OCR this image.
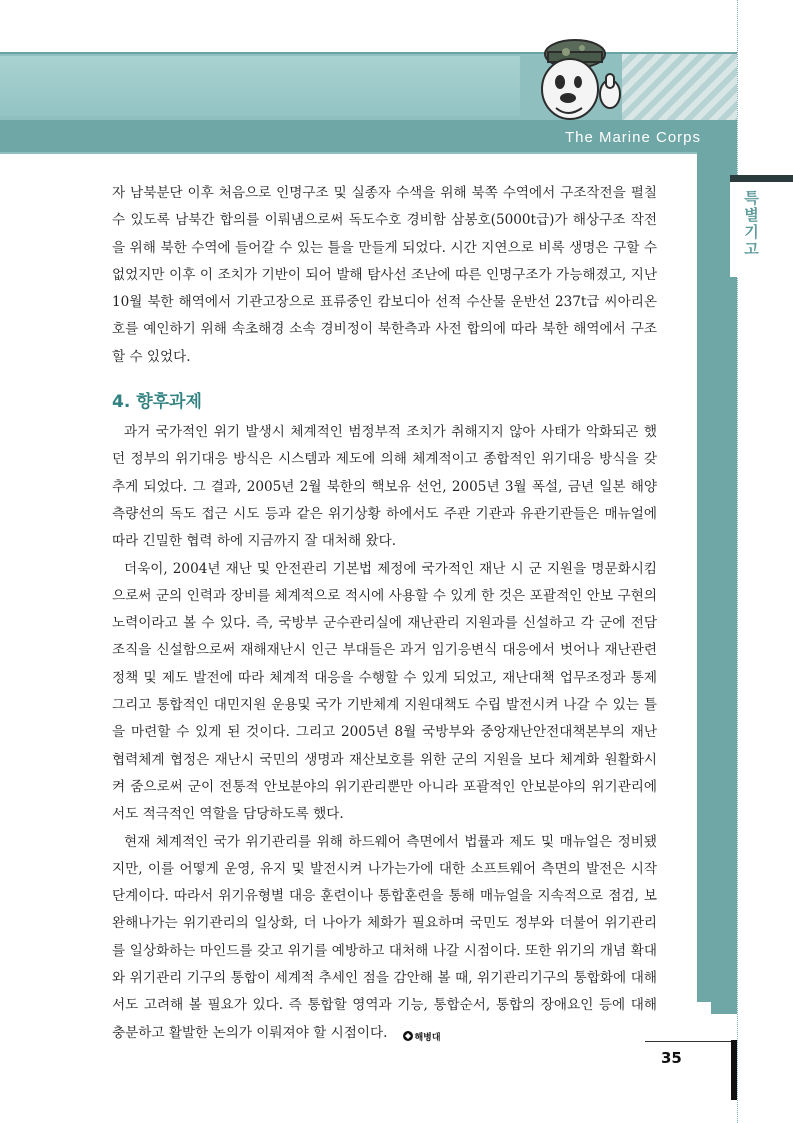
The Marine Corps
특별기고

자 남북분단 이후 처음으로 인명구조 및 실종자 수색을 위해 북쪽 수역에서 구조작전을 펼칠 수 있도록 남북간 합의를 이뤄냄으로써 독도수호 경비함 삼봉호(5000t급)가 해상구조 작전을 위해 북한 수역에 들어갈 수 있는 틀을 만들게 되었다. 시간 지연으로 비록 생명은 구할 수 없었지만 이후 이 조치가 기반이 되어 발해 탐사선 조난에 따른 인명구조가 가능해졌고, 지난 10월 북한 해역에서 기관고장으로 표류중인 캄보디아 선적 수산물 운반선 237t급 씨아리온호를 예인하기 위해 속초해경 소속 경비정이 북한측과 사전 합의에 따라 북한 해역에서 구조할 수 있었다.

4. 향후과제

과거 국가적인 위기 발생시 체계적인 범정부적 조치가 취해지지 않아 사태가 악화되곤 했던 정부의 위기대응 방식은 시스템과 제도에 의해 체계적이고 종합적인 위기대응 방식을 갖추게 되었다. 그 결과, 2005년 2월 북한의 핵보유 선언, 2005년 3월 폭설, 금년 일본 해양측량선의 독도 접근 시도 등과 같은 위기상황 하에서도 주관 기관과 유관기관들은 매뉴얼에 따라 긴밀한 협력 하에 지금까지 잘 대처해 왔다.

더욱이, 2004년 재난 및 안전관리 기본법 제정에 국가적인 재난 시 군 지원을 명문화시킴으로써 군의 인력과 장비를 체계적으로 적시에 사용할 수 있게 한 것은 포괄적인 안보 구현의 노력이라고 볼 수 있다. 즉, 국방부 군수관리실에 재난관리 지원과를 신설하고 각 군에 전담조직을 신설함으로써 재해재난시 인근 부대들은 과거 임기응변식 대응에서 벗어나 재난관련 정책 및 제도 발전에 따라 체계적 대응을 수행할 수 있게 되었고, 재난대책 업무조정과 통제 그리고 통합적인 대민지원 운용및 국가 기반체계 지원대책도 수립 발전시켜 나갈 수 있는 틀을 마련할 수 있게 된 것이다. 그리고 2005년 8월 국방부와 중앙재난안전대책본부의 재난 협력체계 협정은 재난시 국민의 생명과 재산보호를 위한 군의 지원을 보다 체계화 원활화시켜 줌으로써 군이 전통적 안보분야의 위기관리뿐만 아니라 포괄적인 안보분야의 위기관리에서도 적극적인 역할을 담당하도록 했다.

현재 체계적인 국가 위기관리를 위해 하드웨어 측면에서 법률과 제도 및 매뉴얼은 정비됐지만, 이를 어떻게 운영, 유지 및 발전시켜 나가는가에 대한 소프트웨어 측면의 발전은 시작 단계이다. 따라서 위기유형별 대응 훈련이나 통합훈련을 통해 매뉴얼을 지속적으로 점검, 보완해나가는 위기관리의 일상화, 더 나아가 체화가 필요하며 국민도 정부와 더불어 위기관리를 일상화하는 마인드를 갖고 위기를 예방하고 대처해 나갈 시점이다. 또한 위기의 개념 확대와 위기관리 기구의 통합이 세계적 추세인 점을 감안해 볼 때, 위기관리기구의 통합화에 대해서도 고려해 볼 필요가 있다. 즉 통합할 영역과 기능, 통합순서, 통합의 장애요인 등에 대해 충분하고 활발한 논의가 이뤄져야 할 시점이다.	해병대

35
